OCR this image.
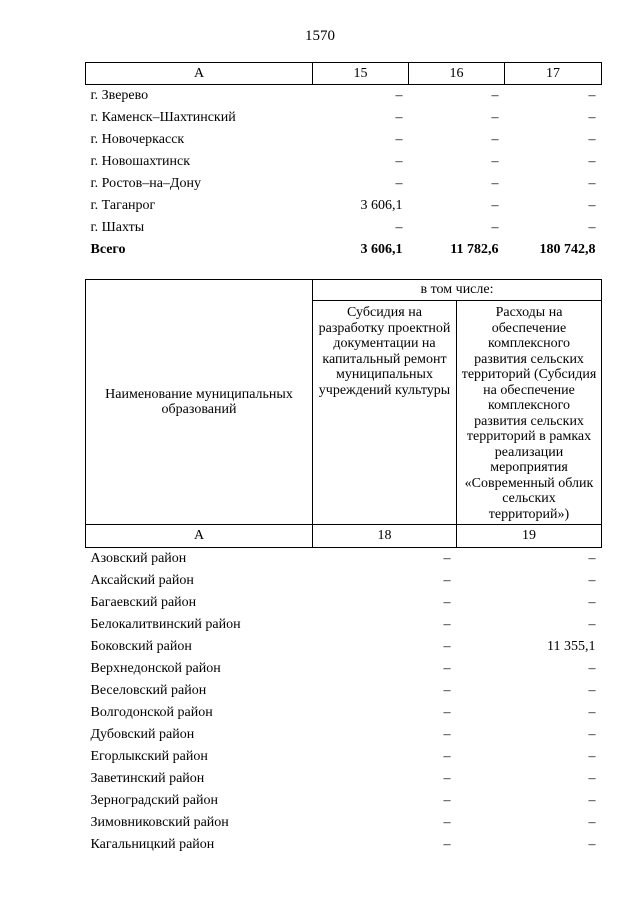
1570
А	15	16	17
г. Зверево	–	–	–
г. Каменск–Шахтинский	–	–	–
г. Новочеркасск	–	–	–
г. Новошахтинск	–	–	–
г. Ростов–на–Дону	–	–	–
г. Таганрог	3 606,1	–	–
г. Шахты	–	–	–
Всего	3 606,1	11 782,6	180 742,8
Наименование муниципальных образований	в том числе:	
	Субсидия на разработку проектной документации на капитальный ремонт муниципальных учреждений культуры	Расходы на обеспечение комплексного развития сельских территорий (Субсидия на обеспечение комплексного развития сельских территорий в рамках реализации мероприятия «Современный облик сельских территорий»)
А	18	19
Азовский район	–	–
Аксайский район	–	–
Багаевский район	–	–
Белокалитвинский район	–	–
Боковский район	–	11 355,1
Верхнедонской район	–	–
Веселовский район	–	–
Волгодонской район	–	–
Дубовский район	–	–
Егорлыкский район	–	–
Заветинский район	–	–
Зерноградский район	–	–
Зимовниковский район	–	–
Кагальницкий район	–	–
